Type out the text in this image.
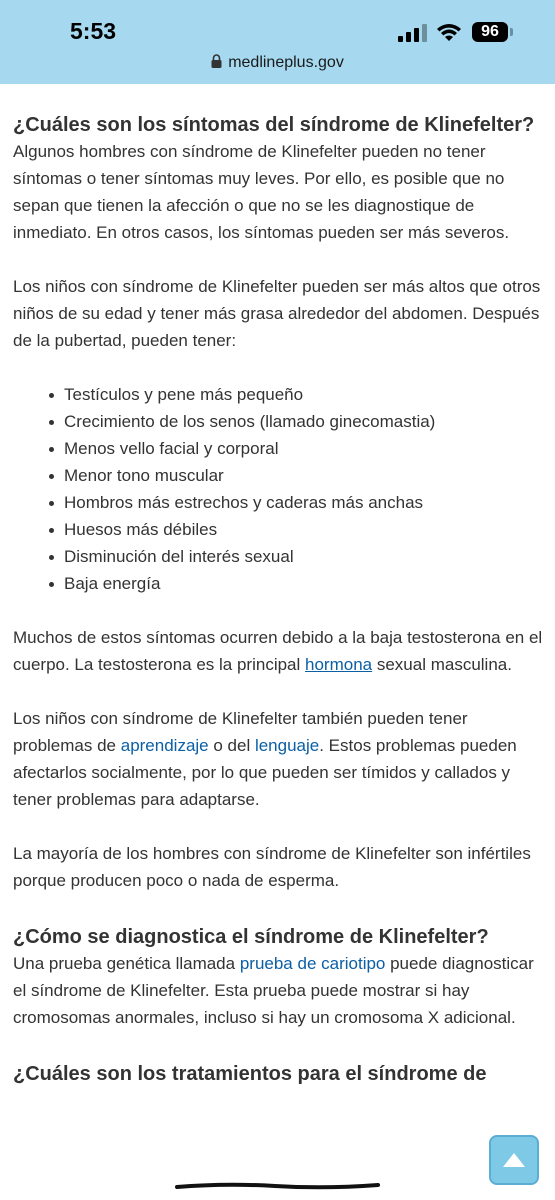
5:53	96
medlineplus.gov
¿Cuáles son los síntomas del síndrome de Klinefelter?

Algunos hombres con síndrome de Klinefelter pueden no tener síntomas o tener síntomas muy leves. Por ello, es posible que no sepan que tienen la afección o que no se les diagnostique de inmediato. En otros casos, los síntomas pueden ser más severos.

Los niños con síndrome de Klinefelter pueden ser más altos que otros niños de su edad y tener más grasa alrededor del abdomen. Después de la pubertad, pueden tener:

Testículos y pene más pequeño
Crecimiento de los senos (llamado ginecomastia)
Menos vello facial y corporal
Menor tono muscular
Hombros más estrechos y caderas más anchas
Huesos más débiles
Disminución del interés sexual
Baja energía

Muchos de estos síntomas ocurren debido a la baja testosterona en el cuerpo. La testosterona es la principal hormona sexual masculina.

Los niños con síndrome de Klinefelter también pueden tener problemas de aprendizaje o del lenguaje. Estos problemas pueden afectarlos socialmente, por lo que pueden ser tímidos y callados y tener problemas para adaptarse.

La mayoría de los hombres con síndrome de Klinefelter son infértiles porque producen poco o nada de esperma.

¿Cómo se diagnostica el síndrome de Klinefelter?

Una prueba genética llamada prueba de cariotipo puede diagnosticar el síndrome de Klinefelter. Esta prueba puede mostrar si hay cromosomas anormales, incluso si hay un cromosoma X adicional.

¿Cuáles son los tratamientos para el síndrome de
